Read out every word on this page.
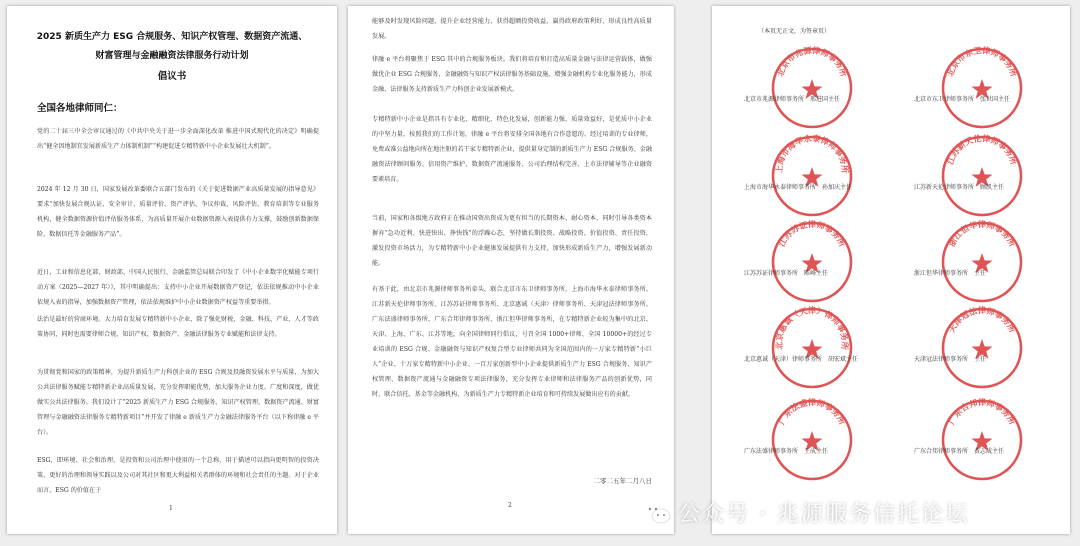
2025 新质生产力 ESG 合规服务、知识产权管理、数据资产流通、
财富管理与金融融资法律服务行动计划
倡议书
全国各地律师同仁：

党的二十届三中全会审议通过的《中共中央关于进一步全面深化改革 推进中国式现代化的决定》明确提出“健全因地制宜发展新质生产力体制机制”“构建促进专精特新中小企业发展壮大机制”。

2024 年 12 月 30 日，国家发展改革委联合五部门发布的《关于促进数据产业高质量发展的指导意见》要求“加快发展合规认证、安全审计、质量评价、资产评估、争议仲裁、风险评估、教育培训等专业服务机构，健全数据资源价值评估服务体系，为高质量开展企业数据资源入表提供有力支撑，鼓励创新数据保险、数据信托等金融服务产品”。

近日，工业和信息化部、财政部、中国人民银行、金融监管总局联合印发了《中小企业数字化赋能专项行动方案（2025—2027 年）》，其中明确提出：支持中小企业开展数据资产登记，依法依规推动中小企业依规入表的指导，加强数据资产管理，依法依规维护中小企业数据资产权益等重要举措。

法治是最好的营商环境。大力培育发展专精特新中小企业，除了强化财税、金融、科技、产业、人才等政策协同，同时也需要律师合规、知识产权、数据资产、金融法律服务专业赋能和法律支持。

为贯彻党和国家的政策精神，为提升新质生产力科创企业的 ESG 合规及投融资发展水平与质量，为加大公共法律服务赋能专精特新企业高质量发展，充分发挥职能优势，加大服务企业力度、广度和深度，做优做实公共法律服务。我们设计了“2025 新质生产力 ESG 合规服务、知识产权管理、数据资产流通、财富管理与金融融资法律服务专精特新项目”并开发了律融 e 新质生产力金融法律服务平台（以下称律融 e 平台）。

ESG，即环境、社会和治理，是投资和公司治理中使用的一个总称，用于描述可以指向更明智的投资决策、更好的治理和领导实践以及公司对其社区和更大利益相关者群体的环境和社会责任的主题。对于企业而言，ESG 的价值在于

1

能够及时发现风险问题、提升企业经营能力、获得超额投资收益、赢得政府政策利好、形成良性高质量发展。

律融 e 平台将聚焦于 ESG 其中的合规服务板块。我们将培育和打造高质量金融与法律运营载体，做强做优企业 ESG 合规服务、金融融资与知识产权法律服务基础设施，增强金融机构专业化服务能力，形成金融、法律服务支持新质生产力科创企业发展新模式。

专精特新中小企业是指具有专业化、精细化、特色化发展，创新能力强、质量效益好，是优质中小企业的中坚力量。按照我们的工作计划，律融 e 平台将安排全国各地有合作意愿的、经过培训的专业律师，免费或准公益地向所在地注册的若干家专精特新企业，提供量身定制的新质生产力 ESG 合规服务、金融融资法律顾问服务、信用资产维护、数据资产流通服务、公司治理结构完善、上市法律辅导等企业融资要素培育。

当前，国家和各级地方政府正在推动国资出资成为更有担当的长期资本、耐心资本，同时引导各类资本摒弃“急功近利、快进快出、挣快钱”的浮躁心态，坚持做长期投资、战略投资、价值投资、责任投资，激发投资市场活力，为专精特新中小企业健康发展提供有力支持，加快形成新质生产力，增强发展新动能。

有基于此，由北京市兆源律师事务所牵头，联合北京市东卫律师事务所、上海市海华永泰律师事务所、江苏新天伦律师事务所、江苏苏证律师事务所、北京惠诚（天津）律师事务所、天津冠法律师事务所、广东法盛律师事务所、广东合邦律师事务所、浙江但华律师事务所，在专精特新企业较为集中的北京、天津、上海、广东、江苏等地，向全国律师同行倡议，号召全国 1000+律师、全国 10000+的经过专业培训的 ESG 合规、金融融资与知识产权复合型专业律师共同为全国范围内的一万家专精特新“小巨人”企业、十万家专精特新中小企业、一百万家创新型中小企业提供新质生产力 ESG 合规服务、知识产权管理、数据资产流通与金融融资专项法律服务，充分发挥专业律师和法律服务产品的创新优势，同时，联合信托、基金等金融机构，为新质生产力专精特新企业培育和可持续发展做出应有的贡献。

二零二五年二月八日
2
（本页无正文，为签章页）
北京市兆源律师事务所
北京市兆源律师事务所 邢进国主任
北京市东卫律师事务所
北京市东卫律师事务所 张世国主任
上海市海华永泰律师事务所
上海市海华永泰律师事务所 孙加庆主任
江苏新天伦律师事务所
江苏新天伦律师事务所 顾凯主任
江苏苏证律师事务所
江苏苏证律师事务所 陈峰主任
浙江但华律师事务所
浙江但华律师事务所 主任
北京惠诚（天津）律师事务所
北京惠诚（天津）律师事务所 胡宏斌主任
天津冠法律师事务所
天津冠法律师事务所 主任
广东法盛律师事务所
广东法盛律师事务所 王成主任
广东合邦律师事务所
广东合邦律师事务所 黄志威主任
公众号 · 兆源服务信托论坛
